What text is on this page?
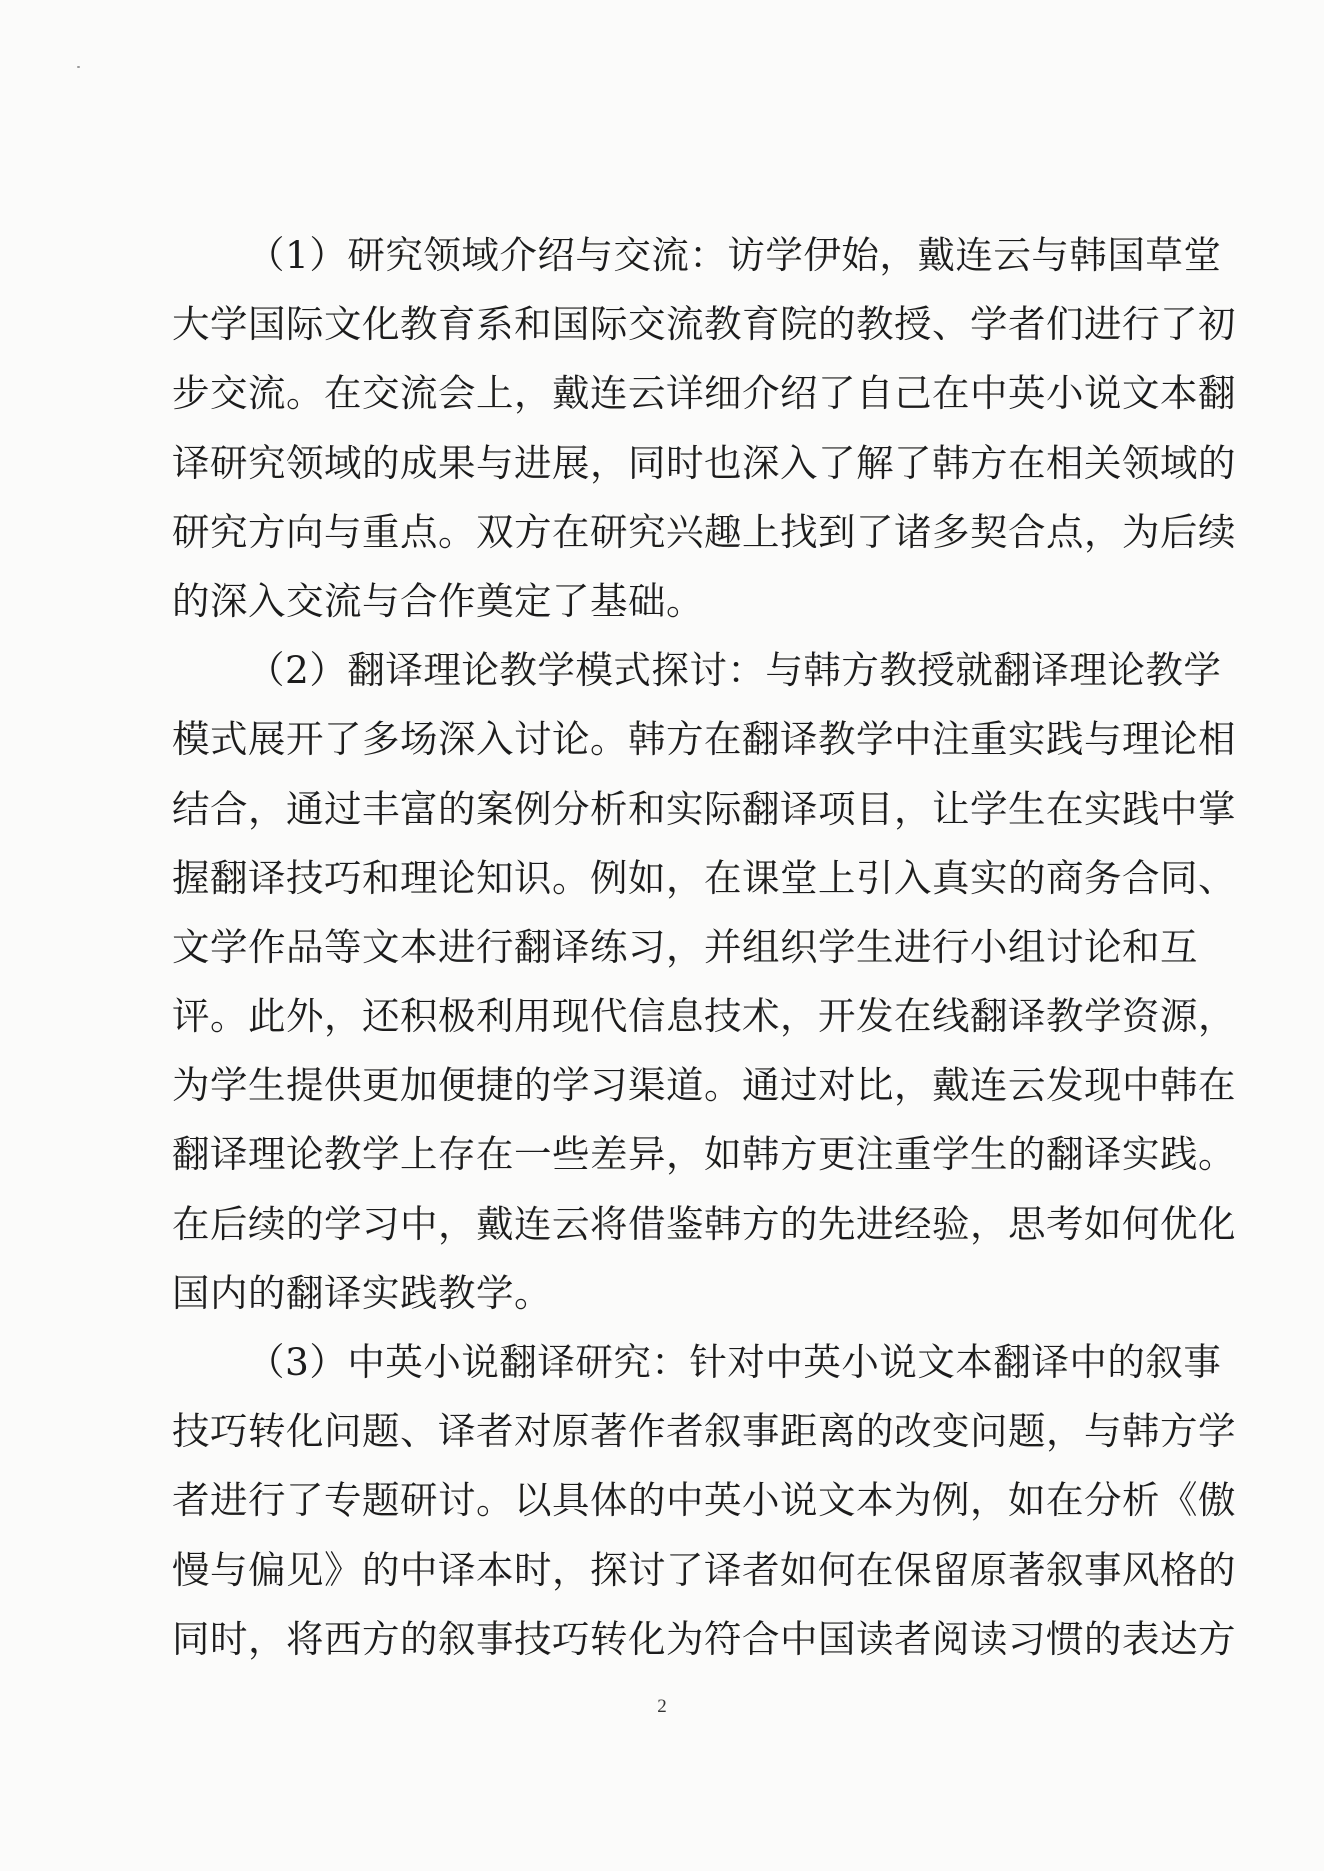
（1）研究领域介绍与交流：访学伊始，戴连云与韩国草堂
大学国际文化教育系和国际交流教育院的教授、学者们进行了初
步交流。在交流会上，戴连云详细介绍了自己在中英小说文本翻
译研究领域的成果与进展，同时也深入了解了韩方在相关领域的
研究方向与重点。双方在研究兴趣上找到了诸多契合点，为后续
的深入交流与合作奠定了基础。
（2）翻译理论教学模式探讨：与韩方教授就翻译理论教学
模式展开了多场深入讨论。韩方在翻译教学中注重实践与理论相
结合，通过丰富的案例分析和实际翻译项目，让学生在实践中掌
握翻译技巧和理论知识。例如，在课堂上引入真实的商务合同、
文学作品等文本进行翻译练习，并组织学生进行小组讨论和互
评。此外，还积极利用现代信息技术，开发在线翻译教学资源，
为学生提供更加便捷的学习渠道。通过对比，戴连云发现中韩在
翻译理论教学上存在一些差异，如韩方更注重学生的翻译实践。
在后续的学习中，戴连云将借鉴韩方的先进经验，思考如何优化
国内的翻译实践教学。
（3）中英小说翻译研究：针对中英小说文本翻译中的叙事
技巧转化问题、译者对原著作者叙事距离的改变问题，与韩方学
者进行了专题研讨。以具体的中英小说文本为例，如在分析《傲
慢与偏见》的中译本时，探讨了译者如何在保留原著叙事风格的
同时，将西方的叙事技巧转化为符合中国读者阅读习惯的表达方
2
